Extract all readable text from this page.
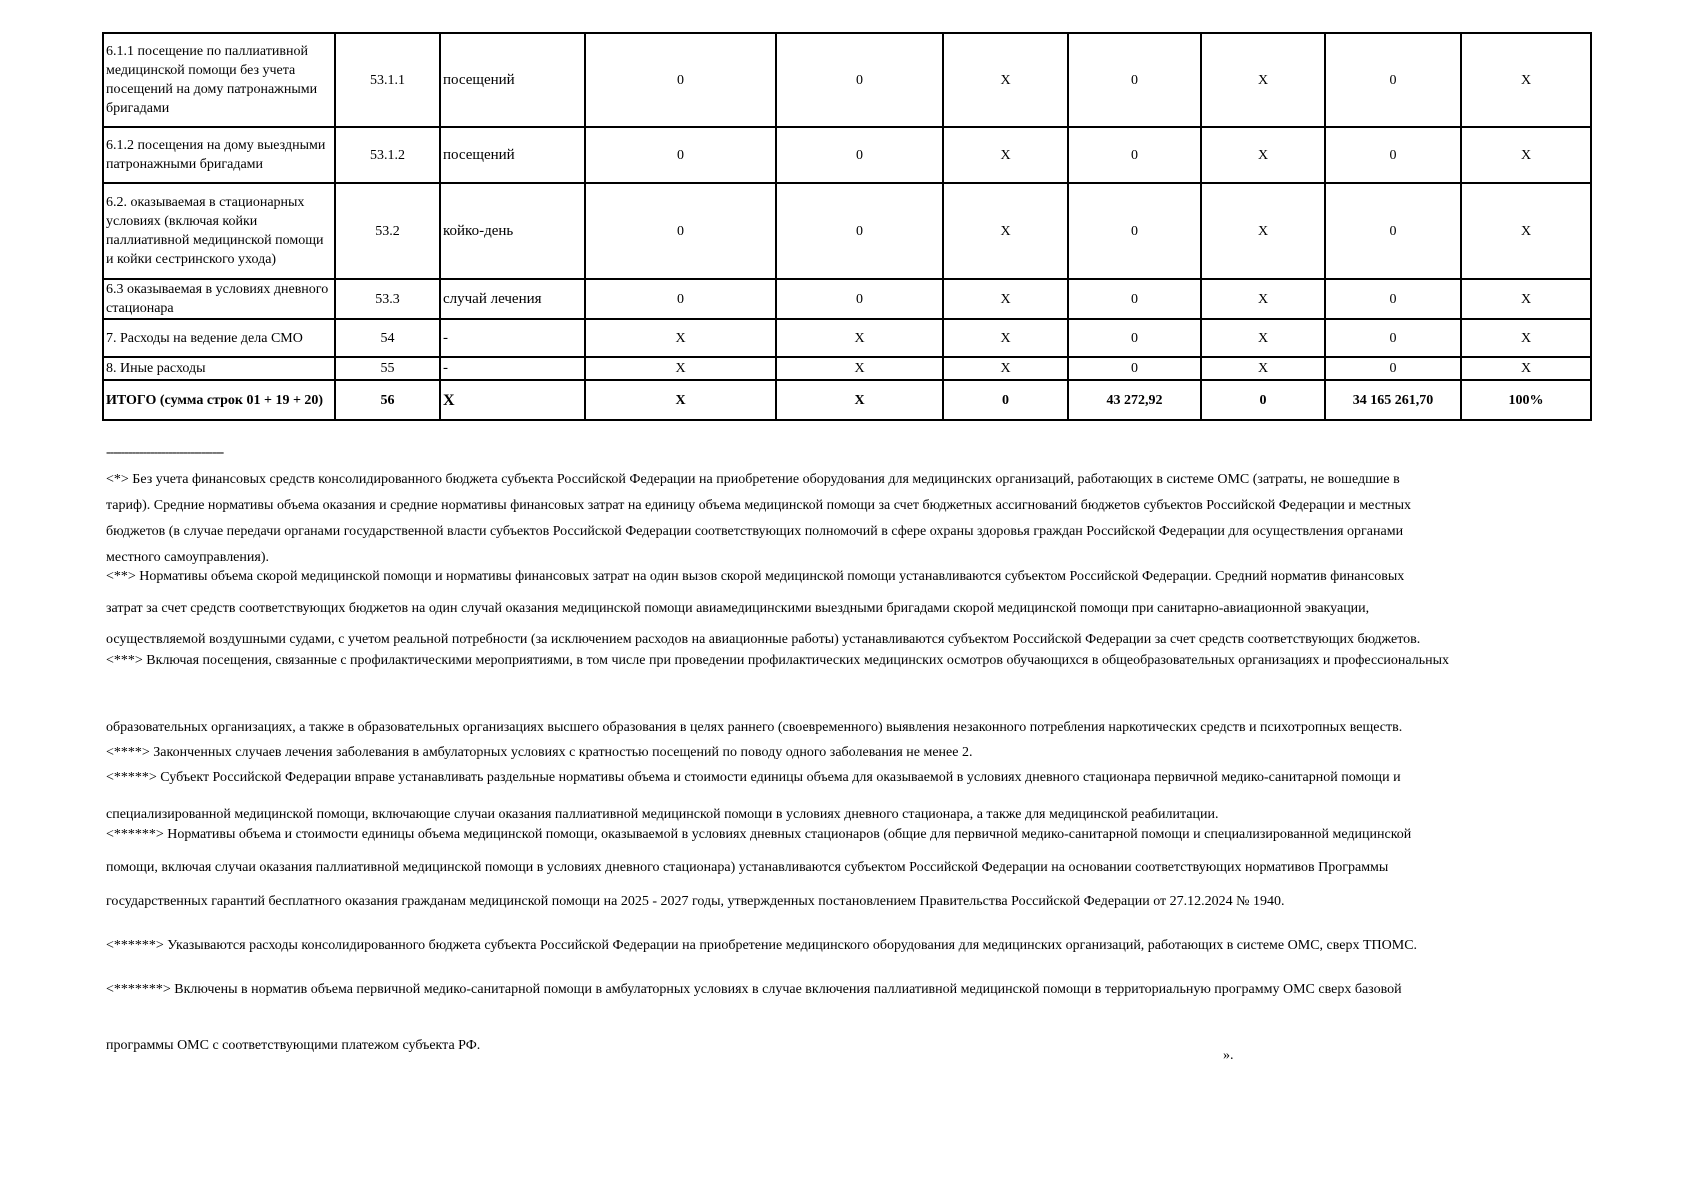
6.1.1 посещение по паллиативной медицинской помощи без учета посещений на дому патронажными бригадами	53.1.1	посещений	0	0	X	0	X	0	X
6.1.2 посещения на дому выездными патронажными бригадами	53.1.2	посещений	0	0	X	0	X	0	X
6.2. оказываемая в стационарных условиях (включая койки паллиативной медицинской помощи и койки сестринского ухода)	53.2	койко-день	0	0	X	0	X	0	X
6.3 оказываемая в условиях дневного стационара	53.3	случай лечения	0	0	X	0	X	0	X
7. Расходы на ведение дела СМО	54	-	X	X	X	0	X	0	X
8. Иные расходы	55	-	X	X	X	0	X	0	X
ИТОГО (сумма строк 01 + 19 + 20)	56	X	X	X	0	43 272,92	0	34 165 261,70	100%

--------------------------------

<*> Без учета финансовых средств консолидированного бюджета субъекта Российской Федерации на приобретение оборудования для медицинских организаций, работающих в системе ОМС (затраты, не вошедшие в

тариф). Средние нормативы объема оказания и средние нормативы финансовых затрат на единицу объема медицинской помощи за счет бюджетных ассигнований бюджетов субъектов Российской Федерации и местных

бюджетов (в случае передачи органами государственной власти субъектов Российской Федерации соответствующих полномочий в сфере охраны здоровья граждан Российской Федерации для осуществления органами

местного самоуправления).

<**> Нормативы объема скорой медицинской помощи и нормативы финансовых затрат на один вызов скорой медицинской помощи устанавливаются субъектом Российской Федерации. Средний норматив финансовых

затрат за счет средств соответствующих бюджетов на один случай оказания медицинской помощи авиамедицинскими выездными бригадами скорой медицинской помощи при санитарно-авиационной эвакуации,

осуществляемой воздушными судами, с учетом реальной потребности (за исключением расходов на авиационные работы) устанавливаются субъектом Российской Федерации за счет средств соответствующих бюджетов.

<***> Включая посещения, связанные с профилактическими мероприятиями, в том числе при проведении профилактических медицинских осмотров обучающихся в общеобразовательных организациях и профессиональных

образовательных организациях, а также в образовательных организациях высшего образования в целях раннего (своевременного) выявления незаконного потребления наркотических средств и психотропных веществ.

<****> Законченных случаев лечения заболевания в амбулаторных условиях с кратностью посещений по поводу одного заболевания не менее 2.

<*****> Субъект Российской Федерации вправе устанавливать раздельные нормативы объема и стоимости единицы объема для оказываемой в условиях дневного стационара первичной медико-санитарной помощи и

специализированной медицинской помощи, включающие случаи оказания паллиативной медицинской помощи в условиях дневного стационара, а также для медицинской реабилитации.

<******> Нормативы объема и стоимости единицы объема медицинской помощи, оказываемой в условиях дневных стационаров (общие для первичной медико-санитарной помощи и специализированной медицинской

помощи, включая случаи оказания паллиативной медицинской помощи в условиях дневного стационара) устанавливаются субъектом Российской Федерации на основании соответствующих нормативов Программы

государственных гарантий бесплатного оказания гражданам медицинской помощи на 2025 - 2027 годы, утвержденных постановлением Правительства Российской Федерации от 27.12.2024 № 1940.

<******> Указываются расходы консолидированного бюджета субъекта Российской Федерации на приобретение медицинского оборудования для медицинских организаций, работающих в системе ОМС, сверх ТПОМС.

<*******> Включены в норматив объема первичной медико-санитарной помощи в амбулаторных условиях в случае включения паллиативной медицинской помощи в территориальную программу ОМС сверх базовой

программы ОМС с соответствующими платежом субъекта РФ.

».
